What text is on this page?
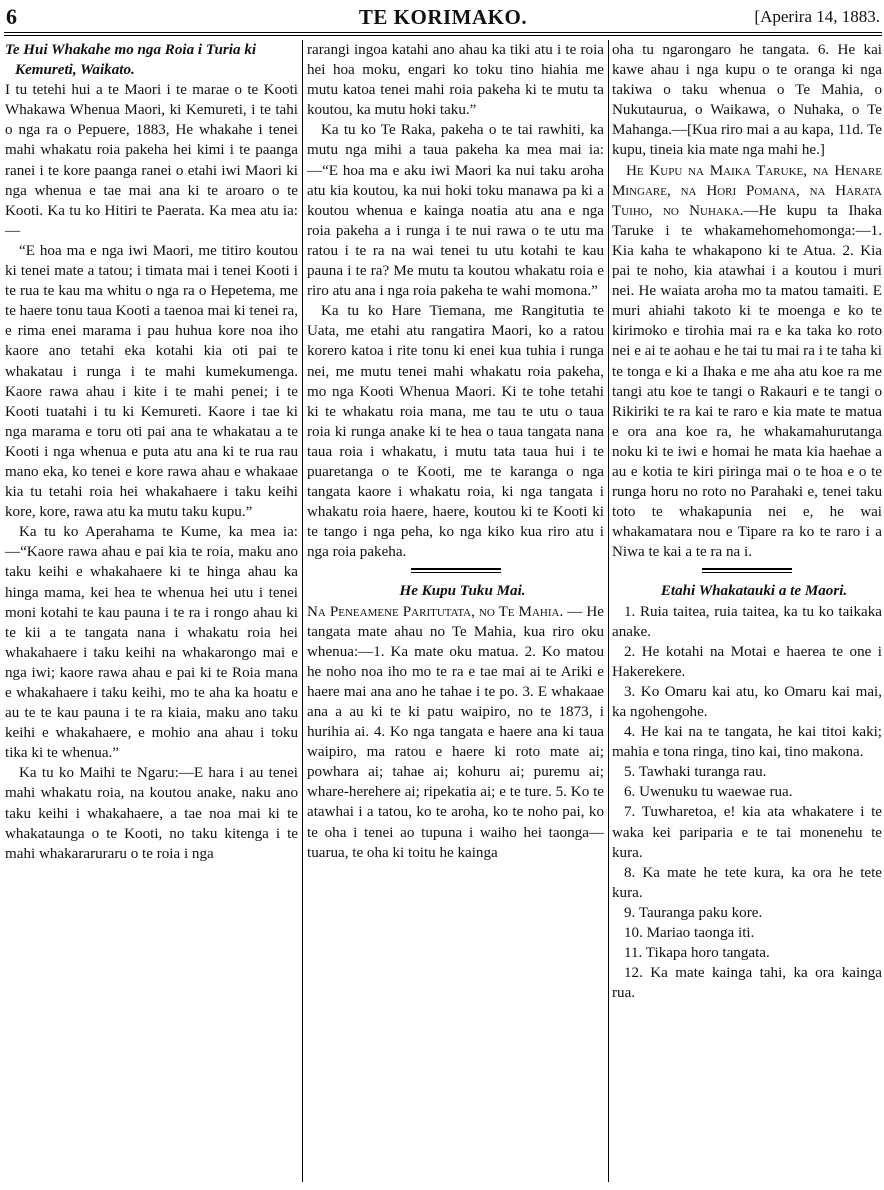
6	TE KORIMAKO.	[Aperira 14, 1883.

Te Hui Whakahe mo nga Roia i Turia ki Kemureti, Waikato.

I tu tetehi hui a te Maori i te marae o te Kooti Whakawa Whenua Maori, ki Kemureti, i te tahi o nga ra o Pepuere, 1883, He whakahe i tenei mahi whakatu roia pakeha hei kimi i te paanga ranei i te kore paanga ranei o etahi iwi Maori ki nga whenua e tae mai ana ki te aroaro o te Kooti. Ka tu ko Hitiri te Paerata. Ka mea atu ia:—

“E hoa ma e nga iwi Maori, me titiro koutou ki tenei mate a tatou; i timata mai i tenei Kooti i te rua te kau ma whitu o nga ra o Hepetema, me te haere tonu taua Kooti a taenoa mai ki tenei ra, e rima enei marama i pau huhua kore noa iho kaore ano tetahi eka kotahi kia oti pai te whakatau i runga i te mahi kumekumenga. Kaore rawa ahau i kite i te mahi penei; i te Kooti tuatahi i tu ki Kemureti. Kaore i tae ki nga marama e toru oti pai ana te whakatau a te Kooti i nga whenua e puta atu ana ki te rua rau mano eka, ko tenei e kore rawa ahau e whakaae kia tu tetahi roia hei whakahaere i taku keihi kore, kore, rawa atu ka mutu taku kupu.”

Ka tu ko Aperahama te Kume, ka mea ia:—“Kaore rawa ahau e pai kia te roia, maku ano taku keihi e whakahaere ki te hinga ahau ka hinga mama, kei hea te whenua hei utu i tenei moni kotahi te kau pauna i te ra i rongo ahau ki te kii a te tangata nana i whakatu roia hei whakahaere i taku keihi na whakarongo mai e nga iwi; kaore rawa ahau e pai ki te Roia mana e whakahaere i taku keihi, mo te aha ka hoatu e au te te kau pauna i te ra kiaia, maku ano taku keihi e whakahaere, e mohio ana ahau i toku tika ki te whenua.”

Ka tu ko Maihi te Ngaru:—E hara i au tenei mahi whakatu roia, na koutou anake, naku ano taku keihi i whakahaere, a tae noa mai ki te whakataunga o te Kooti, no taku kitenga i te mahi whakararuraru o te roia i nga

rarangi ingoa katahi ano ahau ka tiki atu i te roia hei hoa moku, engari ko toku tino hiahia me mutu katoa tenei mahi roia pakeha ki te mutu ta koutou, ka mutu hoki taku.”

Ka tu ko Te Raka, pakeha o te tai rawhiti, ka mutu nga mihi a taua pakeha ka mea mai ia:—“E hoa ma e aku iwi Maori ka nui taku aroha atu kia koutou, ka nui hoki toku manawa pa ki a koutou whenua e kainga noatia atu ana e nga roia pakeha a i runga i te nui rawa o te utu ma ratou i te ra na wai tenei tu utu kotahi te kau pauna i te ra? Me mutu ta koutou whakatu roia e riro atu ana i nga roia pakeha te wahi momona.”

Ka tu ko Hare Tiemana, me Rangitutia te Uata, me etahi atu rangatira Maori, ko a ratou korero katoa i rite tonu ki enei kua tuhia i runga nei, me mutu tenei mahi whakatu roia pakeha, mo nga Kooti Whenua Maori. Ki te tohe tetahi ki te whakatu roia mana, me tau te utu o taua roia ki runga anake ki te hea o taua tangata nana taua roia i whakatu, i mutu tata taua hui i te puaretanga o te Kooti, me te karanga o nga tangata kaore i whakatu roia, ki nga tangata i whakatu roia haere, haere, koutou ki te Kooti ki te tango i nga peha, ko nga kiko kua riro atu i nga roia pakeha.

He Kupu Tuku Mai.

Na Peneamene Paritutata, no Te Mahia. — He tangata mate ahau no Te Mahia, kua riro oku whenua:—1. Ka mate oku matua. 2. Ko matou he noho noa iho mo te ra e tae mai ai te Ariki e haere mai ana ano he tahae i te po. 3. E whakaae ana a au ki te ki patu waipiro, no te 1873, i hurihia ai. 4. Ko nga tangata e haere ana ki taua waipiro, ma ratou e haere ki roto mate ai; powhara ai; tahae ai; kohuru ai; puremu ai; whare-herehere ai; ripekatia ai; e te ture. 5. Ko te atawhai i a tatou, ko te aroha, ko te noho pai, ko te oha i tenei ao tupuna i waiho hei taonga—tuarua, te oha ki toitu he kainga

oha tu ngarongaro he tangata. 6. He kai kawe ahau i nga kupu o te oranga ki nga takiwa o taku whenua o Te Mahia, o Nukutaurua, o Waikawa, o Nuhaka, o Te Mahanga.—[Kua riro mai a au kapa, 11d. Te kupu, tineia kia mate nga mahi he.]

He Kupu na Maika Taruke, na Henare Mingare, na Hori Pomana, na Harata Tuiho, no Nuhaka.—He kupu ta Ihaka Taruke i te whakamehomehomonga:—1. Kia kaha te whakapono ki te Atua. 2. Kia pai te noho, kia atawhai i a koutou i muri nei. He waiata aroha mo ta matou tamaiti. E muri ahiahi takoto ki te moenga e ko te kirimoko e tirohia mai ra e ka taka ko roto nei e ai te aohau e he tai tu mai ra i te taha ki te tonga e ki a Ihaka e me aha atu koe ra me tangi atu koe te tangi o Rakauri e te tangi o Rikiriki te ra kai te raro e kia mate te matua e ora ana koe ra, he whakamahurutanga noku ki te iwi e homai he mata kia haehae a au e kotia te kiri piringa mai o te hoa e o te runga horu no roto no Parahaki e, tenei taku toto te whakapunia nei e, he wai whakamatara nou e Tipare ra ko te raro i a Niwa te kai a te ra na i.

Etahi Whakatauki a te Maori.

1. Ruia taitea, ruia taitea, ka tu ko taikaka anake.
2. He kotahi na Motai e haerea te one i Hakerekere.
3. Ko Omaru kai atu, ko Omaru kai mai, ka ngohengohe.
4. He kai na te tangata, he kai titoi kaki; mahia e tona ringa, tino kai, tino makona.
5. Tawhaki turanga rau.
6. Uwenuku tu waewae rua.
7. Tuwharetoa, e! kia ata whakatere i te waka kei pariparia e te tai monenehu te kura.
8. Ka mate he tete kura, ka ora he tete kura.
9. Tauranga paku kore.
10. Mariao taonga iti.
11. Tikapa horo tangata.
12. Ka mate kainga tahi, ka ora kainga rua.
